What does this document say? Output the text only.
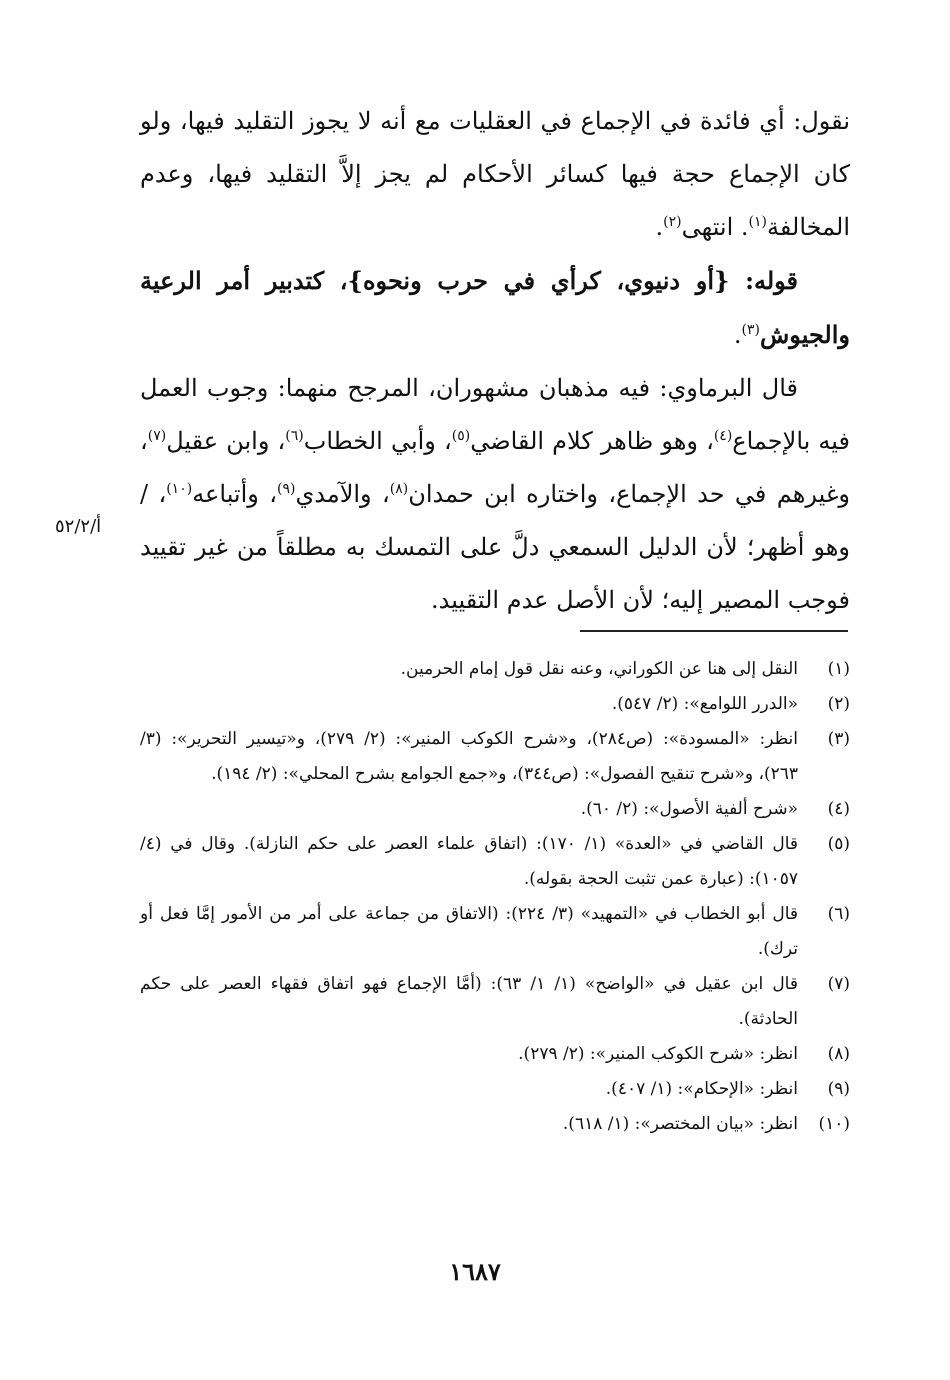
نقول: أي فائدة في الإجماع في العقليات مع أنه لا يجوز التقليد فيها، ولو كان الإجماع حجة فيها كسائر الأحكام لم يجز إلاَّ التقليد فيها، وعدم المخالفة$^{(١)}$. انتهى$^{(٢)}$.

قوله: {أو دنيوي، كرأي في حرب ونحوه}، كتدبير أمر الرعية والجيوش$^{(٣)}$.

قال البرماوي: فيه مذهبان مشهوران، المرجح منهما: وجوب العمل فيه بالإجماع$^{(٤)}$، وهو ظاهر كلام القاضي$^{(٥)}$، وأبي الخطاب$^{(٦)}$، وابن عقيل$^{(٧)}$، وغيرهم في حد الإجماع، واختاره ابن حمدان$^{(٨)}$، والآمدي$^{(٩)}$، وأتباعه$^{(١٠)}$، / وهو أظهر؛ لأن الدليل السمعي دلَّ على التمسك به مطلقاً من غير تقييد فوجب المصير إليه؛ لأن الأصل عدم التقييد.

أ/٥٢/٢
(١)
النقل إلى هنا عن الكوراني، وعنه نقل قول إمام الحرمين.
(٢)
«الدرر اللوامع»: (٢/ ٥٤٧).
(٣)
انظر: «المسودة»: (ص٢٨٤)، و«شرح الكوكب المنير»: (٢/ ٢٧٩)، و«تيسير التحرير»: (٣/ ٢٦٣)، و«شرح تنقيح الفصول»: (ص٣٤٤)، و«جمع الجوامع بشرح المحلي»: (٢/ ١٩٤).
(٤)
«شرح ألفية الأصول»: (٢/ ٦٠).
(٥)
قال القاضي في «العدة» (١/ ١٧٠): (اتفاق علماء العصر على حكم النازلة). وقال في (٤/ ١٠٥٧): (عبارة عمن تثبت الحجة بقوله).
(٦)
قال أبو الخطاب في «التمهيد» (٣/ ٢٢٤): (الاتفاق من جماعة على أمر من الأمور إمَّا فعل أو ترك).
(٧)
قال ابن عقيل في «الواضح» (١/ ١/ ٦٣): (أمَّا الإجماع فهو اتفاق فقهاء العصر على حكم الحادثة).
(٨)
انظر: «شرح الكوكب المنير»: (٢/ ٢٧٩).
(٩)
انظر: «الإحكام»: (١/ ٤٠٧).
(١٠)
انظر: «بيان المختصر»: (١/ ٦١٨).
١٦٨٧
